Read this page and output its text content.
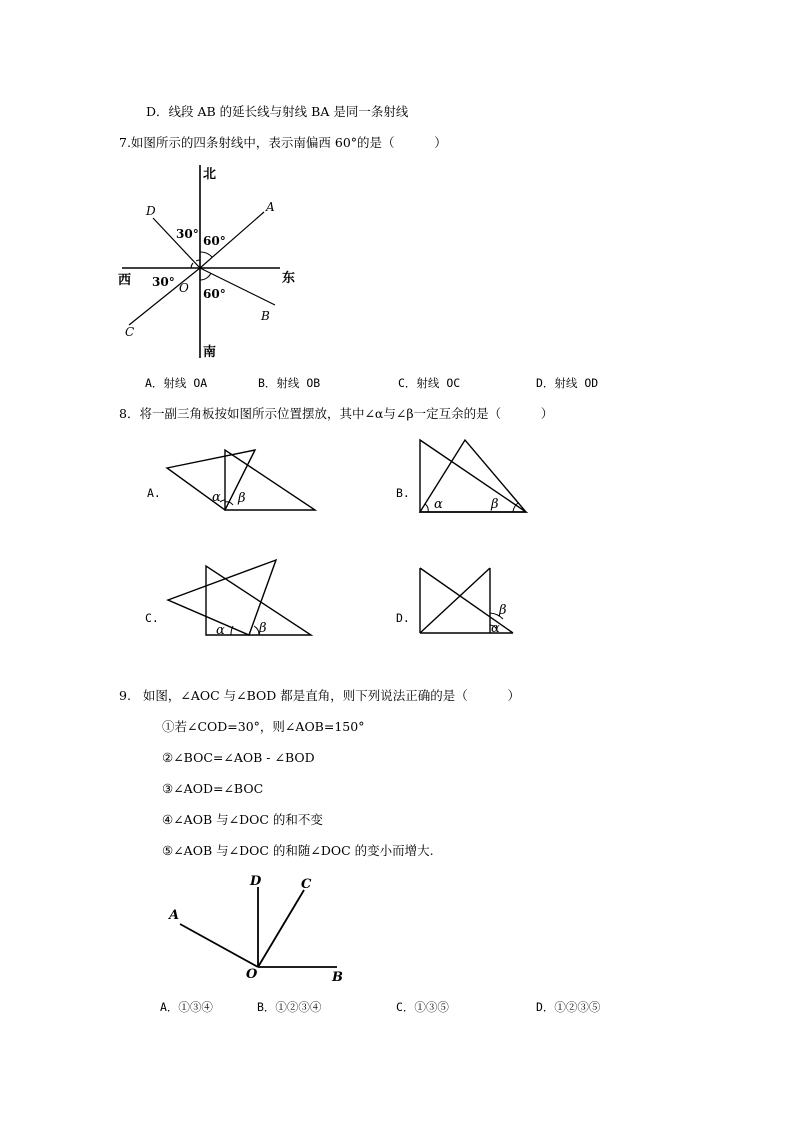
D．线段 AB 的延长线与射线 BA 是同一条射线
7.如图所示的四条射线中，表示南偏西 60°的是（          ）
北
南
东
西	O
D	A
C
B
30° 60°
30°
60°
A．射线 OA	B．射线 OB	C．射线 OC	D．射线 OD
8．将一副三角板按如图所示位置摆放，其中∠α与∠β一定互余的是（          ）
A.	B.
C.	D.
α β	α	β
α	β
β
α
9.   如图，∠AOC 与∠BOD 都是直角，则下列说法正确的是（          ）
①若∠COD=30°，则∠AOB=150°
②∠BOC=∠AOB - ∠BOD
③∠AOD=∠BOC
④∠AOB 与∠DOC 的和不变
⑤∠AOB 与∠DOC 的和随∠DOC 的变小而增大.
D	C
A
O	B
A．①③④	B．①②③④	C．①③⑤	D．①②③⑤
